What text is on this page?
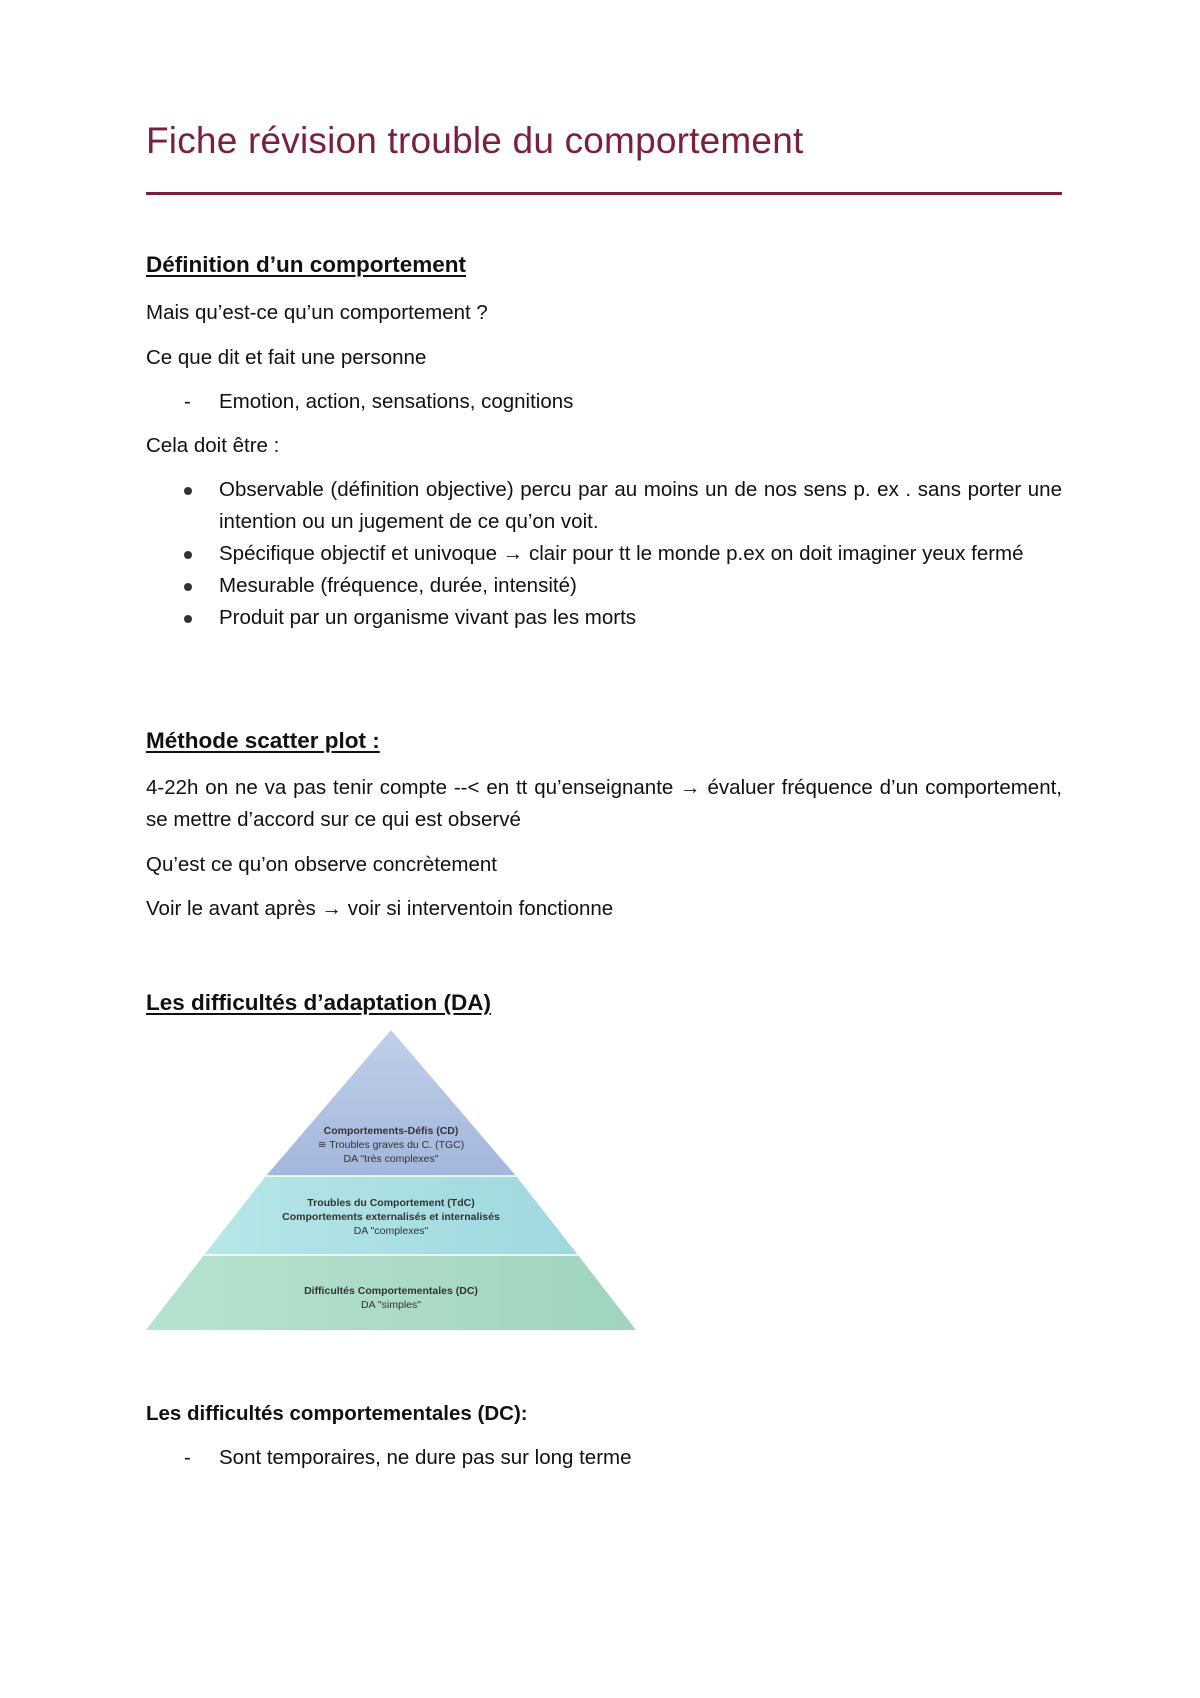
Fiche révision trouble du comportement
Définition d’un comportement
Mais qu’est-ce qu’un comportement ?
Ce que dit et fait une personne
- Emotion, action, sensations, cognitions
Cela doit être :
Observable (définition objective) percu par au moins un de nos sens p. ex . sans porter une intention ou un jugement de ce qu’on voit.
Spécifique objectif et univoque → clair pour tt le monde p.ex on doit imaginer yeux fermé
Mesurable (fréquence, durée, intensité)
Produit par un organisme vivant pas les morts
Méthode scatter plot :
4-22h on ne va pas tenir compte --< en tt qu’enseignante → évaluer fréquence d’un comportement, se mettre d’accord sur ce qui est observé
Qu’est ce qu’on observe concrètement
Voir le avant après → voir si interventoin fonctionne
Les difficultés d’adaptation (DA)
Comportements-Défis (CD)
≅ Troubles graves du C. (TGC)
DA "très complexes"
Troubles du Comportement (TdC)
Comportements externalisés et internalisés
DA "complexes"
Difficultés Comportementales (DC)
DA "simples"
Les difficultés comportementales (DC):
- Sont temporaires, ne dure pas sur long terme
